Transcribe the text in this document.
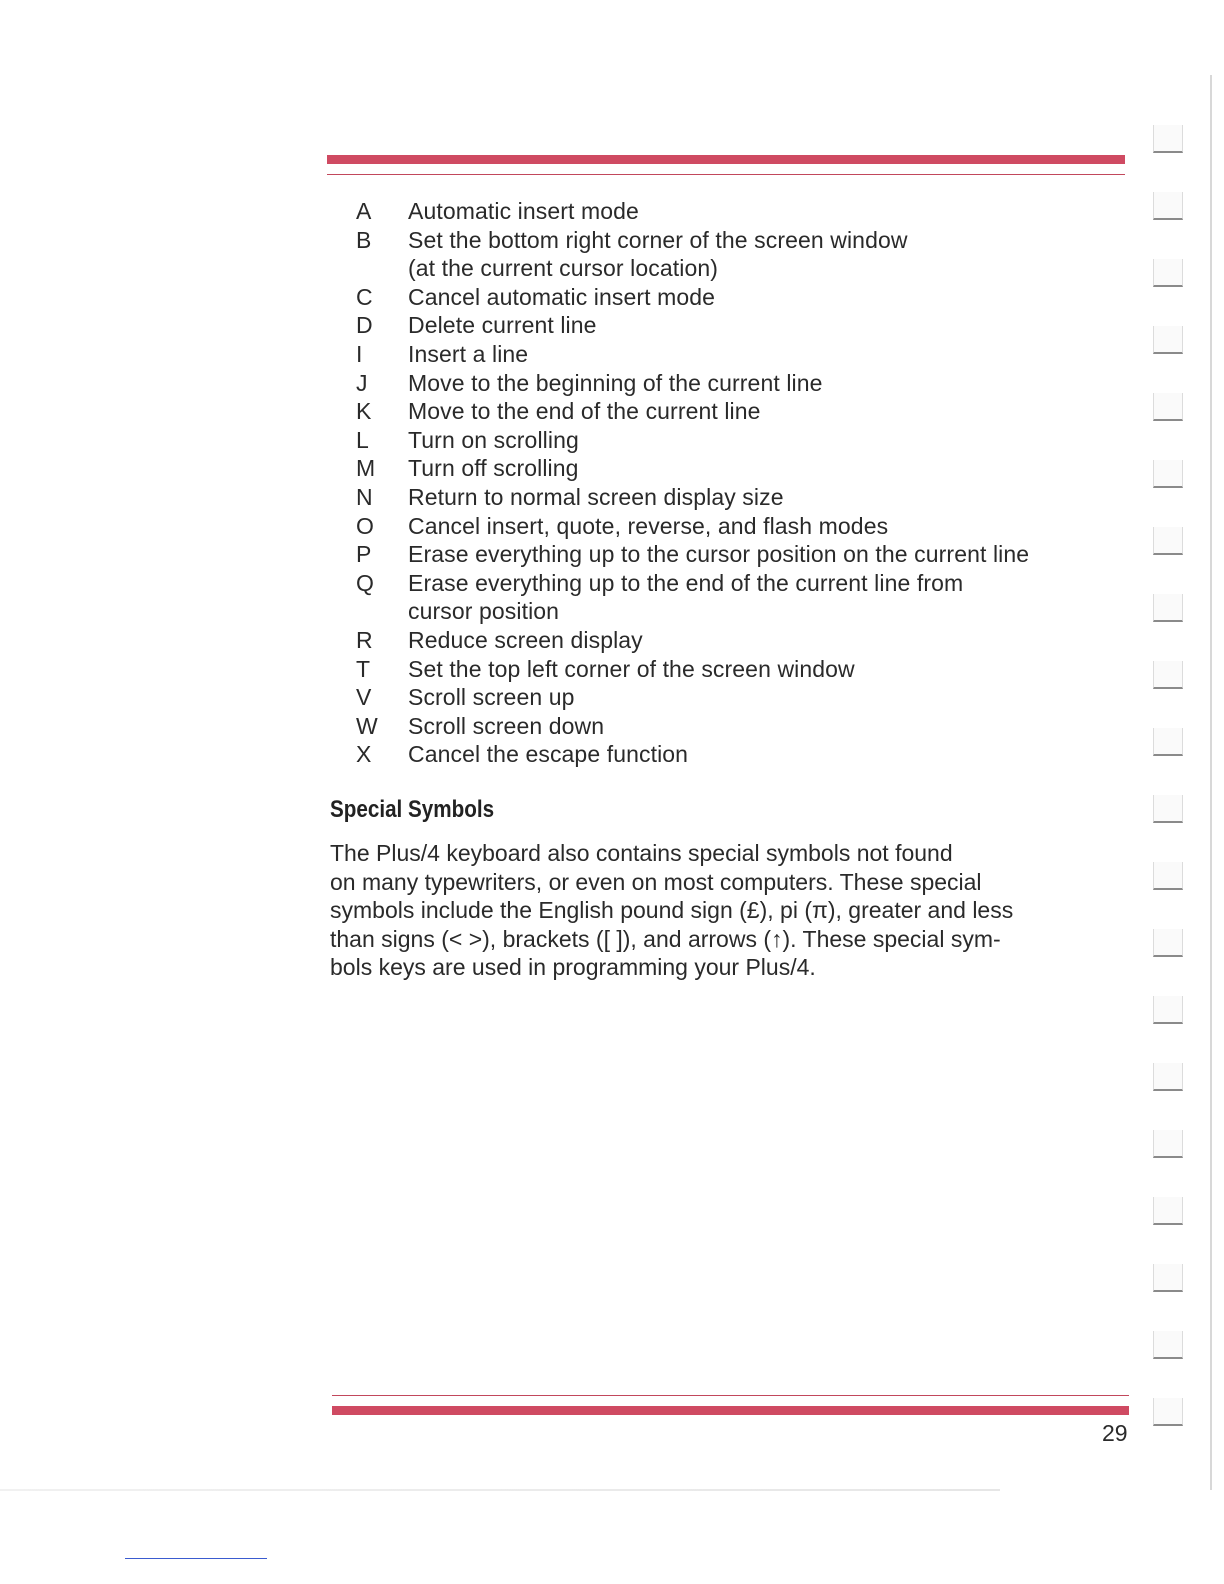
A	Automatic insert mode
B	Set the bottom right corner of the screen window
(at the current cursor location)
C	Cancel automatic insert mode
D	Delete current line
I	Insert a line
J	Move to the beginning of the current line
K	Move to the end of the current line
L	Turn on scrolling
M	Turn off scrolling
N	Return to normal screen display size
O	Cancel insert, quote, reverse, and flash modes
P	Erase everything up to the cursor position on the current line
Q	Erase everything up to the end of the current line from
cursor position
R	Reduce screen display
T	Set the top left corner of the screen window
V	Scroll screen up
W	Scroll screen down
X	Cancel the escape function
Special Symbols
The Plus/4 keyboard also contains special symbols not found
on many typewriters, or even on most computers. These special
symbols include the English pound sign (£), pi (π), greater and less
than signs (< >), brackets ([ ]), and arrows (↑). These special sym-
bols keys are used in programming your Plus/4.
29
